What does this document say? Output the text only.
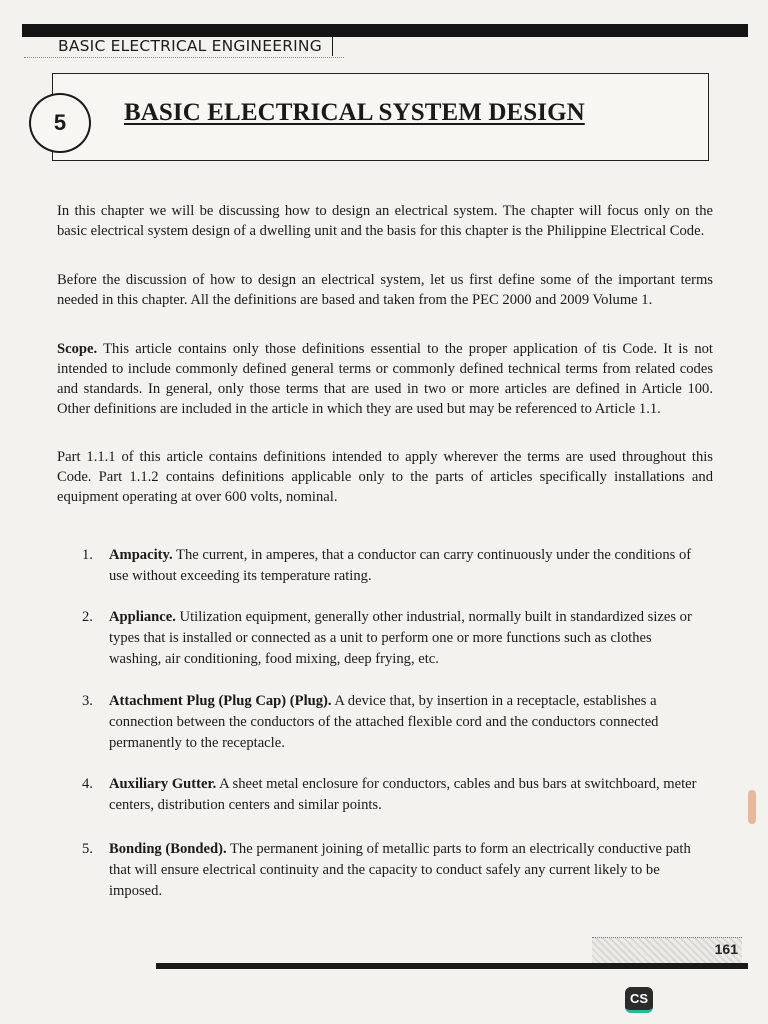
BASIC ELECTRICAL ENGINEERING
5	BASIC ELECTRICAL SYSTEM DESIGN

In this chapter we will be discussing how to design an electrical system. The chapter will focus only on the basic electrical system design of a dwelling unit and the basis for this chapter is the Philippine Electrical Code.

Before the discussion of how to design an electrical system, let us first define some of the important terms needed in this chapter. All the definitions are based and taken from the PEC 2000 and 2009 Volume 1.

Scope. This article contains only those definitions essential to the proper application of tis Code. It is not intended to include commonly defined general terms or commonly defined technical terms from related codes and standards. In general, only those terms that are used in two or more articles are defined in Article 100. Other definitions are included in the article in which they are used but may be referenced to Article 1.1.

Part 1.1.1 of this article contains definitions intended to apply wherever the terms are used throughout this Code. Part 1.1.2 contains definitions applicable only to the parts of articles specifically installations and equipment operating at over 600 volts, nominal.

1. Ampacity. The current, in amperes, that a conductor can carry continuously under the conditions of use without exceeding its temperature rating.
2. Appliance. Utilization equipment, generally other industrial, normally built in standardized sizes or types that is installed or connected as a unit to perform one or more functions such as clothes washing, air conditioning, food mixing, deep frying, etc.
3. Attachment Plug (Plug Cap) (Plug). A device that, by insertion in a receptacle, establishes a connection between the conductors of the attached flexible cord and the conductors connected permanently to the receptacle.
4. Auxiliary Gutter. A sheet metal enclosure for conductors, cables and bus bars at switchboard, meter centers, distribution centers and similar points.
5. Bonding (Bonded). The permanent joining of metallic parts to form an electrically conductive path that will ensure electrical continuity and the capacity to conduct safely any current likely to be imposed.
161
CS
